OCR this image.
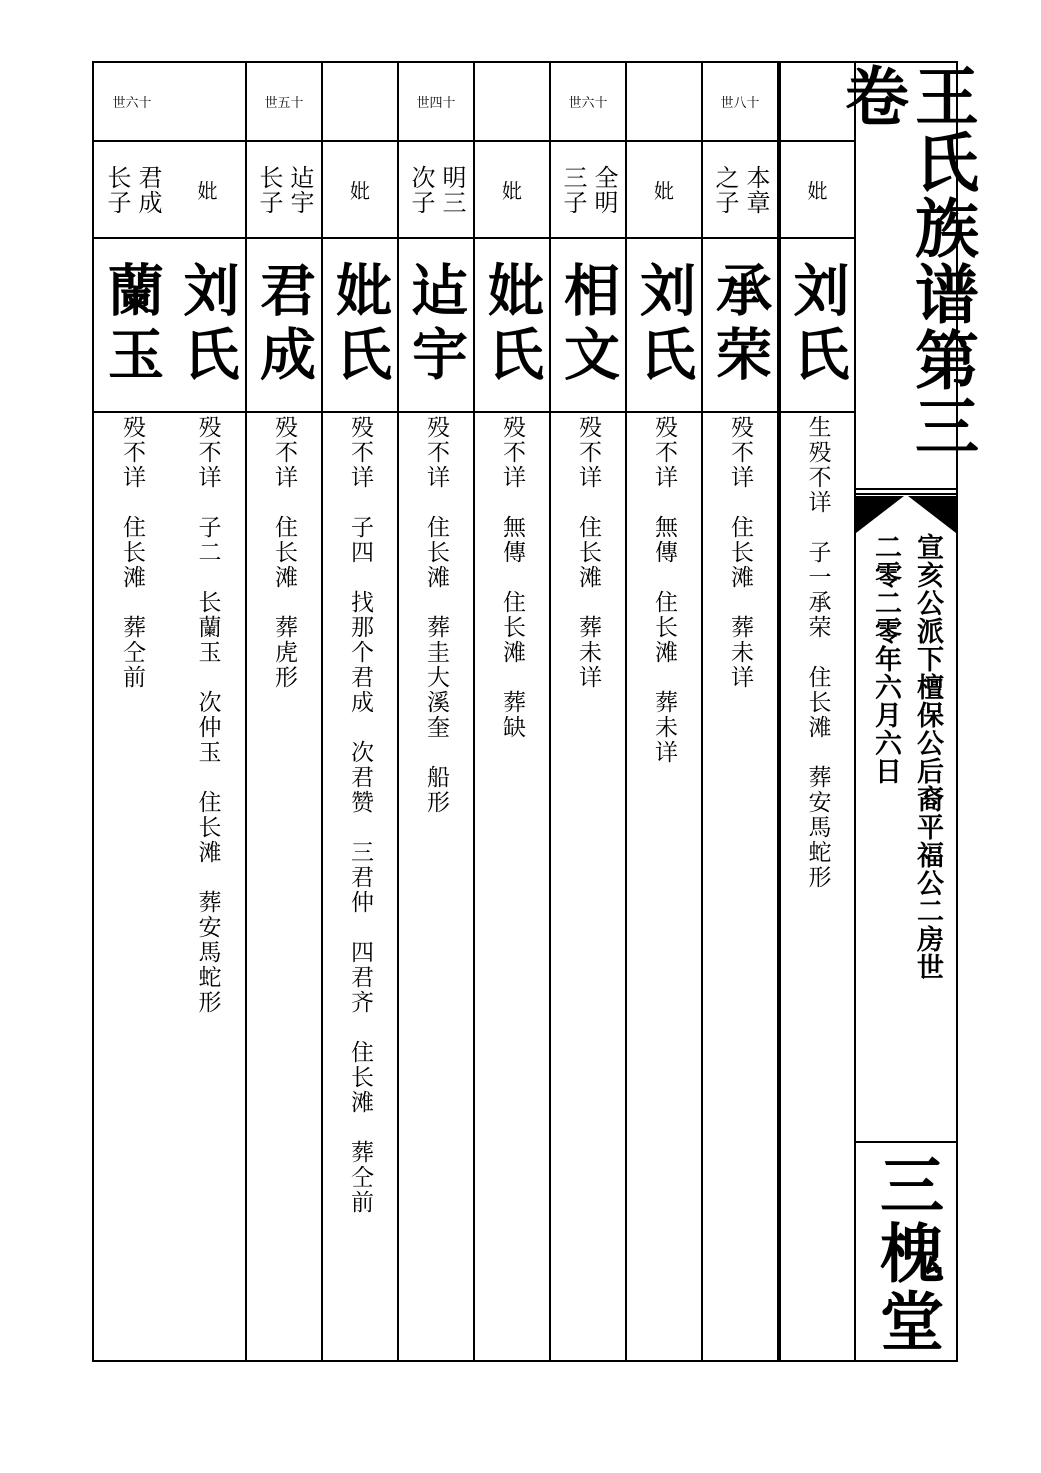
妣
刘氏
生殁不详　子一承荣　住长滩　葬安馬蛇形
世八十
本章
之子
承荣
殁不详　住长滩　葬未详
妣
刘氏
殁不详　無傳　住长滩　葬未详
世六十
全明
三子
相文
殁不详　住长滩　葬未详
妣
妣氏
殁不详　無傳　住长滩　葬缺
世四十
明三
次子
迠宇
殁不详　住长滩　葬圭大溪奎　船形
妣
妣氏
殁不详　子四　找那个君成　次君赞　三君仲　四君齐　住长滩　葬仝前
世五十
迠宇
长子
君成
殁不详　住长滩　葬虎形
妣
刘氏
殁不详　子二　长蘭玉　次仲玉　住长滩　葬安馬蛇形
世六十
君成
长子
蘭玉
殁不详　住长滩　葬仝前
王氏族谱第三卷
宣亥公派下檀保公后裔平福公二房世
二零二零年六月六日
三槐堂
